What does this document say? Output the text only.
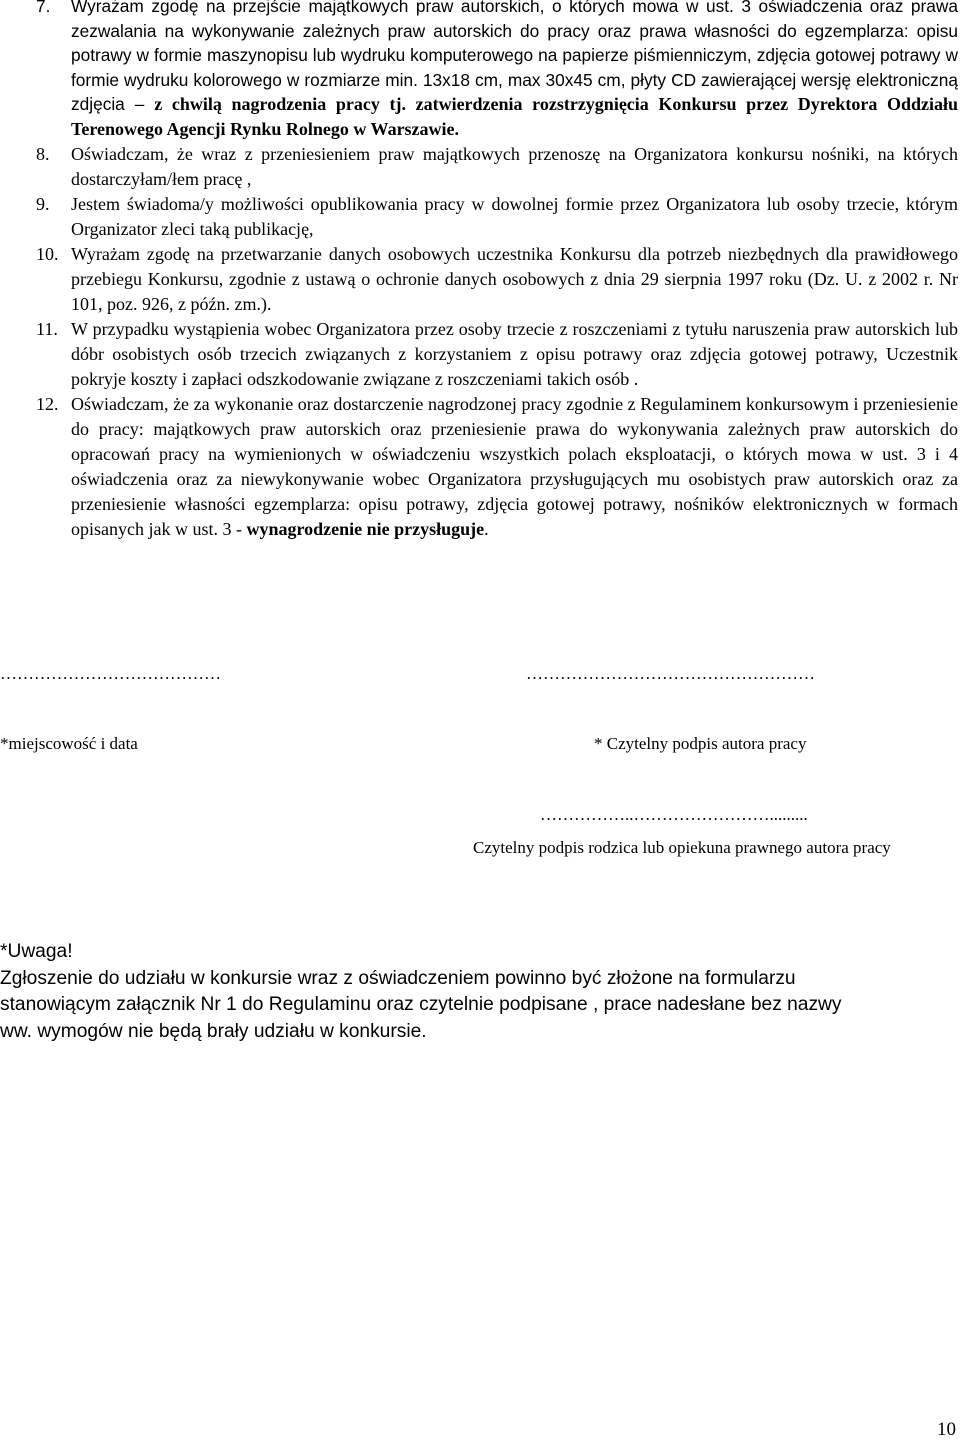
7. Wyrażam zgodę na przejście majątkowych praw autorskich, o których mowa w ust. 3 oświadczenia oraz prawa zezwalania na wykonywanie zależnych praw autorskich do pracy oraz prawa własności do egzemplarza: opisu potrawy w formie maszynopisu lub wydruku komputerowego na papierze piśmienniczym, zdjęcia gotowej potrawy w formie wydruku kolorowego w rozmiarze min. 13x18 cm, max 30x45 cm, płyty CD zawierającej wersję elektroniczną zdjęcia – z chwilą nagrodzenia pracy tj. zatwierdzenia rozstrzygnięcia Konkursu przez Dyrektora Oddziału Terenowego Agencji Rynku Rolnego w Warszawie.
8. Oświadczam, że wraz z przeniesieniem praw majątkowych przenoszę na Organizatora konkursu nośniki, na których dostarczyłam/łem pracę ,
9. Jestem świadoma/y możliwości opublikowania pracy w dowolnej formie przez Organizatora lub osoby trzecie, którym Organizator zleci taką publikację,
10. Wyrażam zgodę na przetwarzanie danych osobowych uczestnika Konkursu dla potrzeb niezbędnych dla prawidłowego przebiegu Konkursu, zgodnie z ustawą o ochronie danych osobowych z dnia 29 sierpnia 1997 roku (Dz. U. z 2002 r. Nr 101, poz. 926, z późn. zm.).
11. W przypadku wystąpienia wobec Organizatora przez osoby trzecie z roszczeniami z tytułu naruszenia praw autorskich lub dóbr osobistych osób trzecich związanych z korzystaniem z opisu potrawy oraz zdjęcia gotowej potrawy, Uczestnik pokryje koszty i zapłaci odszkodowanie związane z roszczeniami takich osób .
12. Oświadczam, że za wykonanie oraz dostarczenie nagrodzonej pracy zgodnie z Regulaminem konkursowym i przeniesienie do pracy: majątkowych praw autorskich oraz przeniesienie prawa do wykonywania zależnych praw autorskich do opracowań pracy na wymienionych w oświadczeniu wszystkich polach eksploatacji, o których mowa w ust. 3 i 4 oświadczenia oraz za niewykonywanie wobec Organizatora przysługujących mu osobistych praw autorskich oraz za przeniesienie własności egzemplarza: opisu potrawy, zdjęcia gotowej potrawy, nośników elektronicznych w formach opisanych jak w ust. 3 - wynagrodzenie nie przysługuje.
…………………………………	……………………………………………
*miejscowość i data	* Czytelny podpis autora pracy
……………..…………………….........
Czytelny podpis rodzica lub opiekuna prawnego autora pracy
*Uwaga!
Zgłoszenie do udziału w konkursie wraz z oświadczeniem powinno być złożone na formularzu
stanowiącym załącznik Nr 1 do Regulaminu oraz czytelnie podpisane , prace nadesłane bez nazwy
ww. wymogów nie będą brały udziału w konkursie.
10
